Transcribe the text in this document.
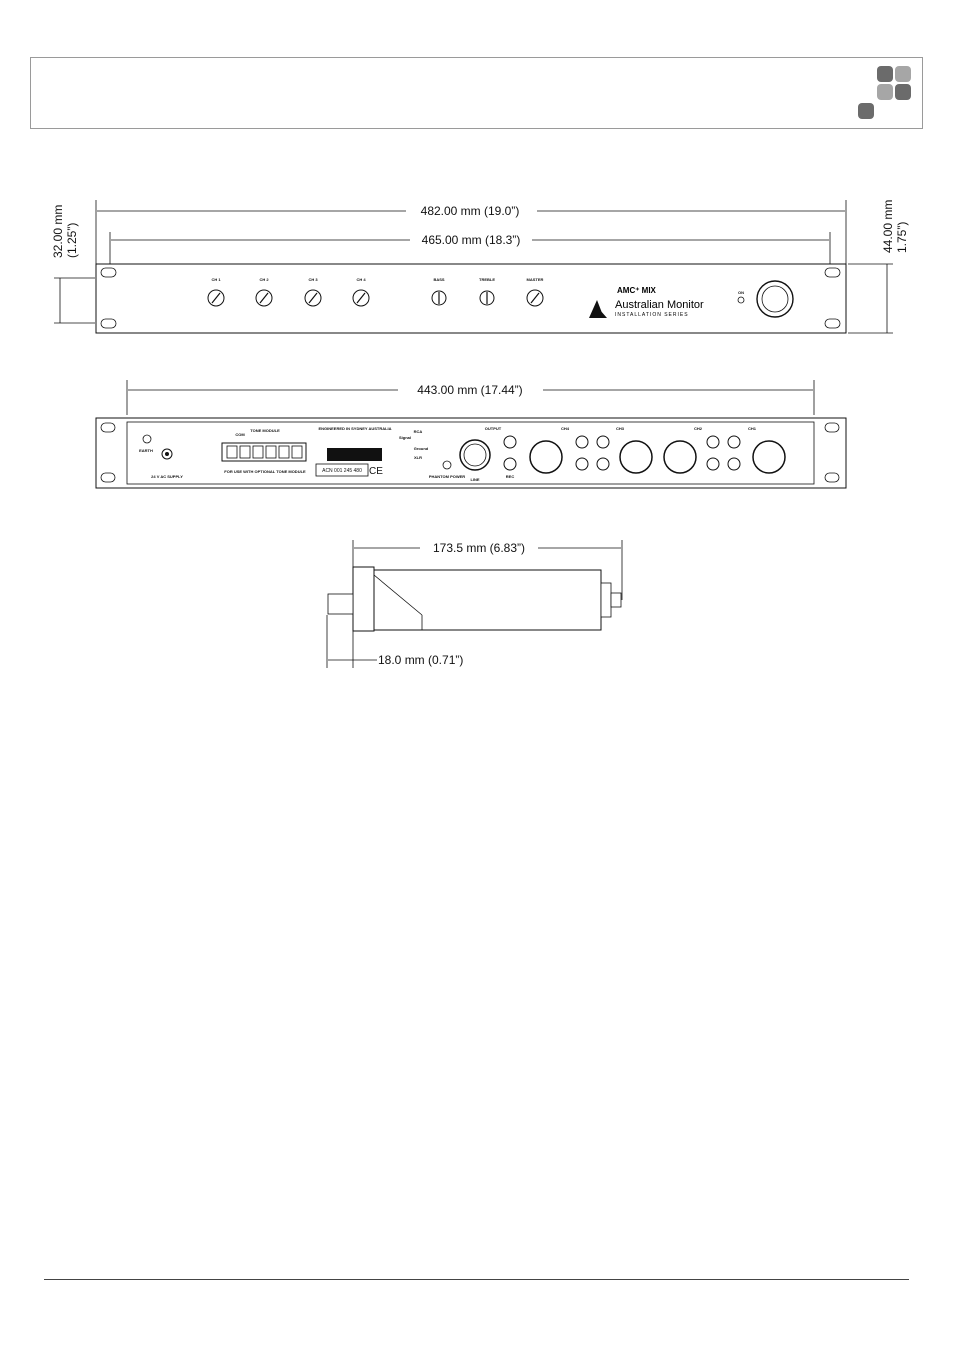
482.00 mm (19.0”)
465.00 mm (18.3”)
32.00 mm (1.25”)	44.00 mm 1.75”)
CH 1	CH 2	CH 3	CH 4	BASS	TREBLE	MASTER
AMC⁺ MIX
Australian Monitor
INSTALLATION SERIES
ON
443.00 mm (17.44”)
EARTH
24 V AC SUPPLY
TONE MODULE
COM
FOR USE WITH OPTIONAL TONE MODULE
ENGINEERED IN SYDNEY AUSTRALIA
ACN 001 245 480 CE
RCA
Signal
Ground
XLR
PHANTOM POWER
OUTPUT
LINE
REC
CH4	CH3	CH2	CH1
173.5 mm (6.83”)
18.0 mm (0.71”)
